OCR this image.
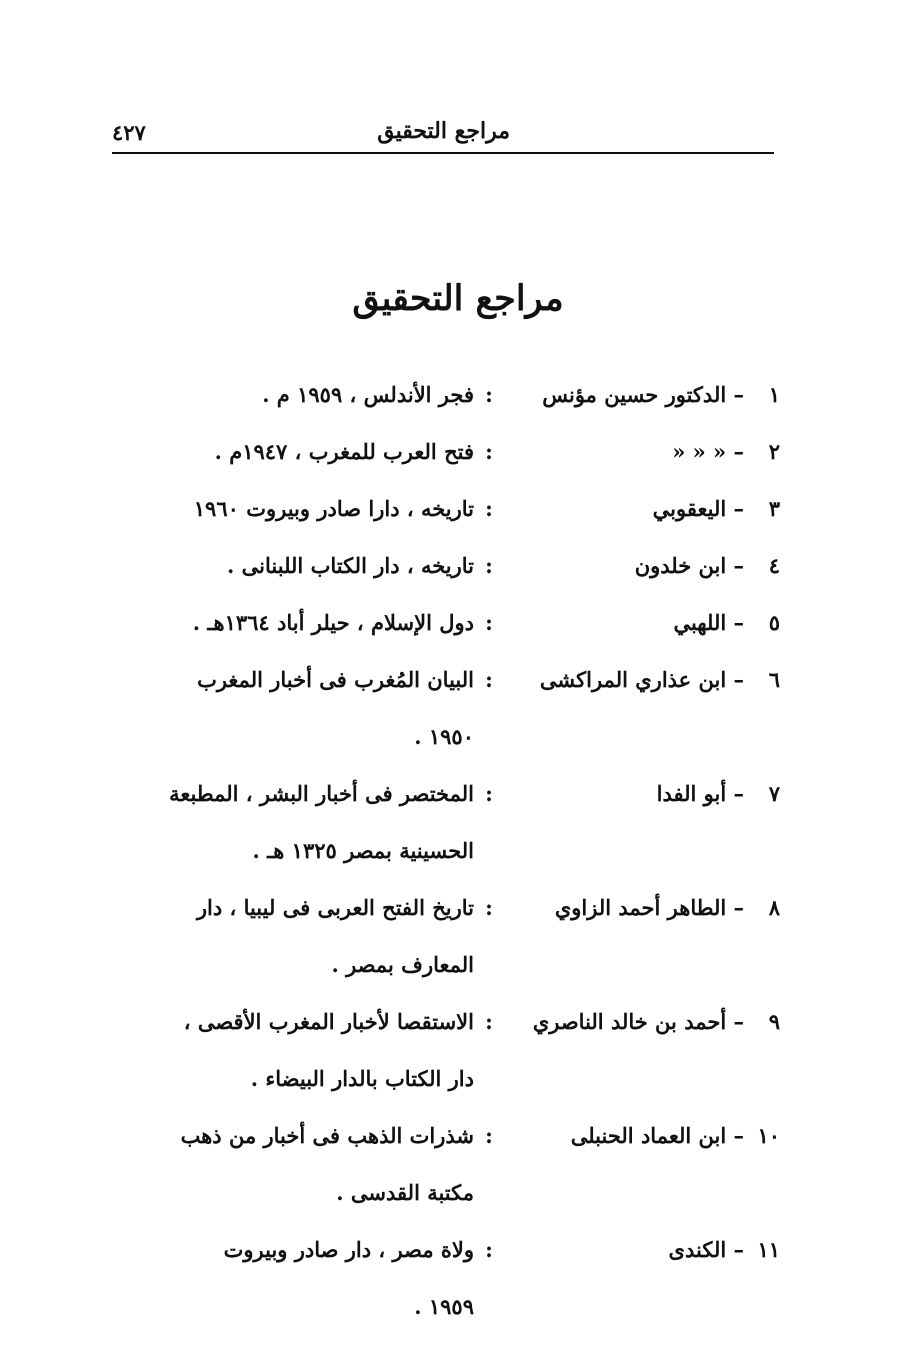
مراجع التحقيق
٤٢٧
مراجع التحقيق
١
– الدكتور حسين مؤنس
:
فجر الأندلس ، ١٩٥٩ م .
٢
– « « «
:
فتح العرب للمغرب ، ١٩٤٧م .
٣
– اليعقوبي
:
تاريخه ، دارا صادر وبيروت ١٩٦٠
٤
– ابن خلدون
:
تاريخه ، دار الكتاب اللبنانى .
٥
– اللهبي
:
دول الإسلام ، حيلر أباد ١٣٦٤هـ .
٦
– ابن عذاري المراكشى
:
البيان المُغرب فى أخبار المغرب
١٩٥٠ .
٧
– أبو الفدا
:
المختصر فى أخبار البشر ، المطبعة
الحسينية بمصر ١٣٢٥ هـ .
٨
– الطاهر أحمد الزاوي
:
تاريخ الفتح العربى فى ليبيا ، دار
المعارف بمصر .
٩
– أحمد بن خالد الناصري
:
الاستقصا لأخبار المغرب الأقصى ،
دار الكتاب بالدار البيضاء .
١٠
– ابن العماد الحنبلى
:
شذرات الذهب فى أخبار من ذهب
مكتبة القدسى .
١١
– الكندى
:
ولاة مصر ، دار صادر وبيروت
١٩٥٩ .
